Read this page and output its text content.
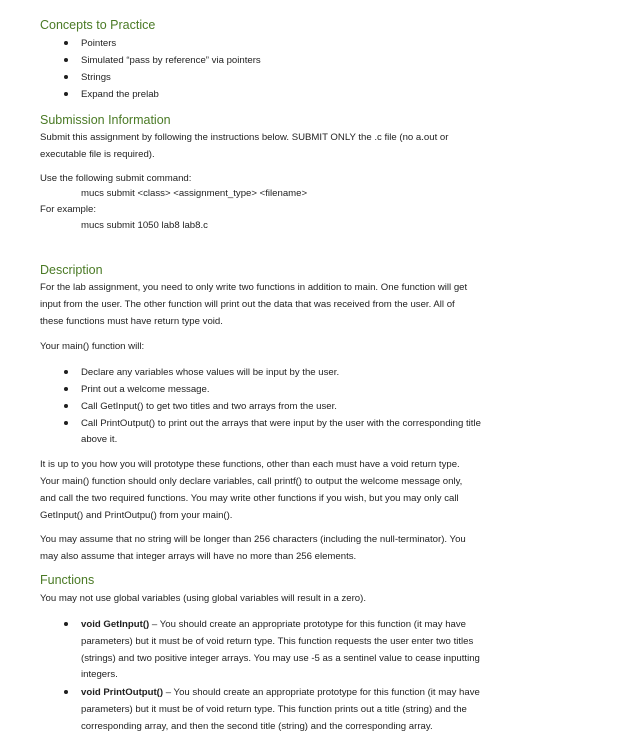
Concepts to Practice
Pointers
Simulated “pass by reference” via pointers
Strings
Expand the prelab
Submission Information
Submit this assignment by following the instructions below. SUBMIT ONLY the .c file (no a.out or
executable file is required).
Use the following submit command:
mucs submit <class> <assignment_type> <filename>
For example:
mucs submit 1050 lab8 lab8.c
Description
For the lab assignment, you need to only write two functions in addition to main. One function will get
input from the user. The other function will print out the data that was received from the user. All of
these functions must have return type void.
Your main() function will:
Declare any variables whose values will be input by the user.
Print out a welcome message.
Call GetInput() to get two titles and two arrays from the user.
Call PrintOutput() to print out the arrays that were input by the user with the corresponding title
above it.
It is up to you how you will prototype these functions, other than each must have a void return type.
Your main() function should only declare variables, call printf() to output the welcome message only,
and call the two required functions. You may write other functions if you wish, but you may only call
GetInput() and PrintOutpu() from your main().
You may assume that no string will be longer than 256 characters (including the null-terminator). You
may also assume that integer arrays will have no more than 256 elements.
Functions
You may not use global variables (using global variables will result in a zero).
void GetInput() – You should create an appropriate prototype for this function (it may have
parameters) but it must be of void return type. This function requests the user enter two titles
(strings) and two positive integer arrays. You may use -5 as a sentinel value to cease inputting
integers.
void PrintOutput() – You should create an appropriate prototype for this function (it may have
parameters) but it must be of void return type. This function prints out a title (string) and the
corresponding array, and then the second title (string) and the corresponding array.
